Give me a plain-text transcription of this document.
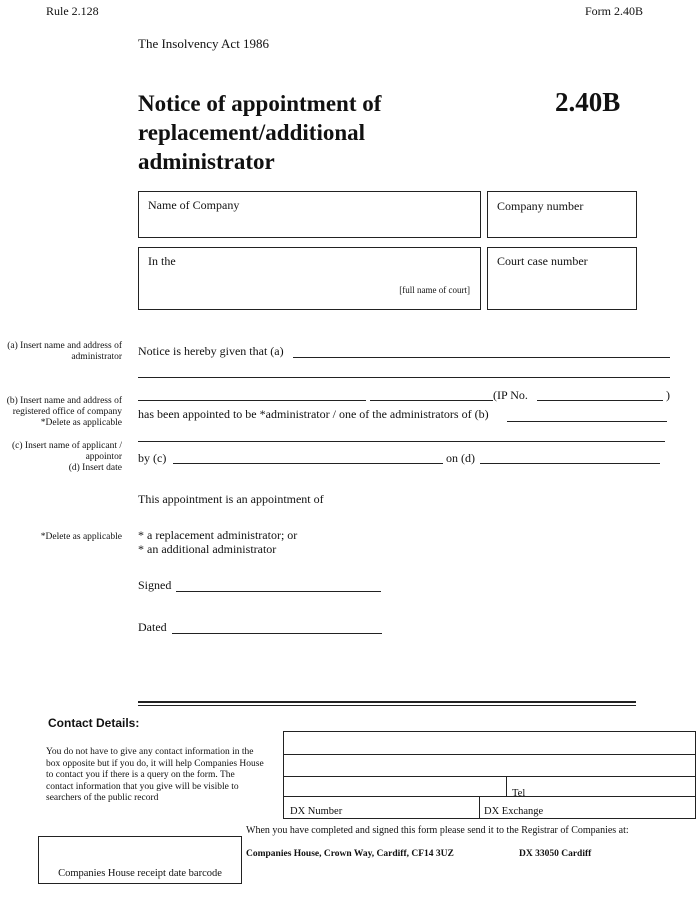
Rule 2.128	Form 2.40B
The Insolvency Act 1986
Notice of appointment of
replacement/additional
administrator
2.40B
Name of Company	Company number
In the
[full name of court]
Court case number
(a) Insert name and address of
administrator
(b) Insert name and address of
registered office of company
*Delete as applicable
(c) Insert name of applicant /
appointor
(d) Insert date
*Delete as applicable
Notice is hereby given that (a)
(IP No.	)
has been appointed to be *administrator / one of the administrators of (b)
by (c)	on (d)
This appointment is an appointment of
* a replacement administrator; or
* an additional administrator
Signed
Dated
Contact Details:
You do not have to give any contact information in the box opposite but if you do, it will help Companies House to contact you if there is a query on the form. The contact information that you give will be visible to searchers of the public record	Tel
DX Number	DX Exchange
Companies House receipt date barcode
When you have completed and signed this form please send it to the Registrar of Companies at:
Companies House, Crown Way, Cardiff, CF14 3UZ	DX 33050 Cardiff
